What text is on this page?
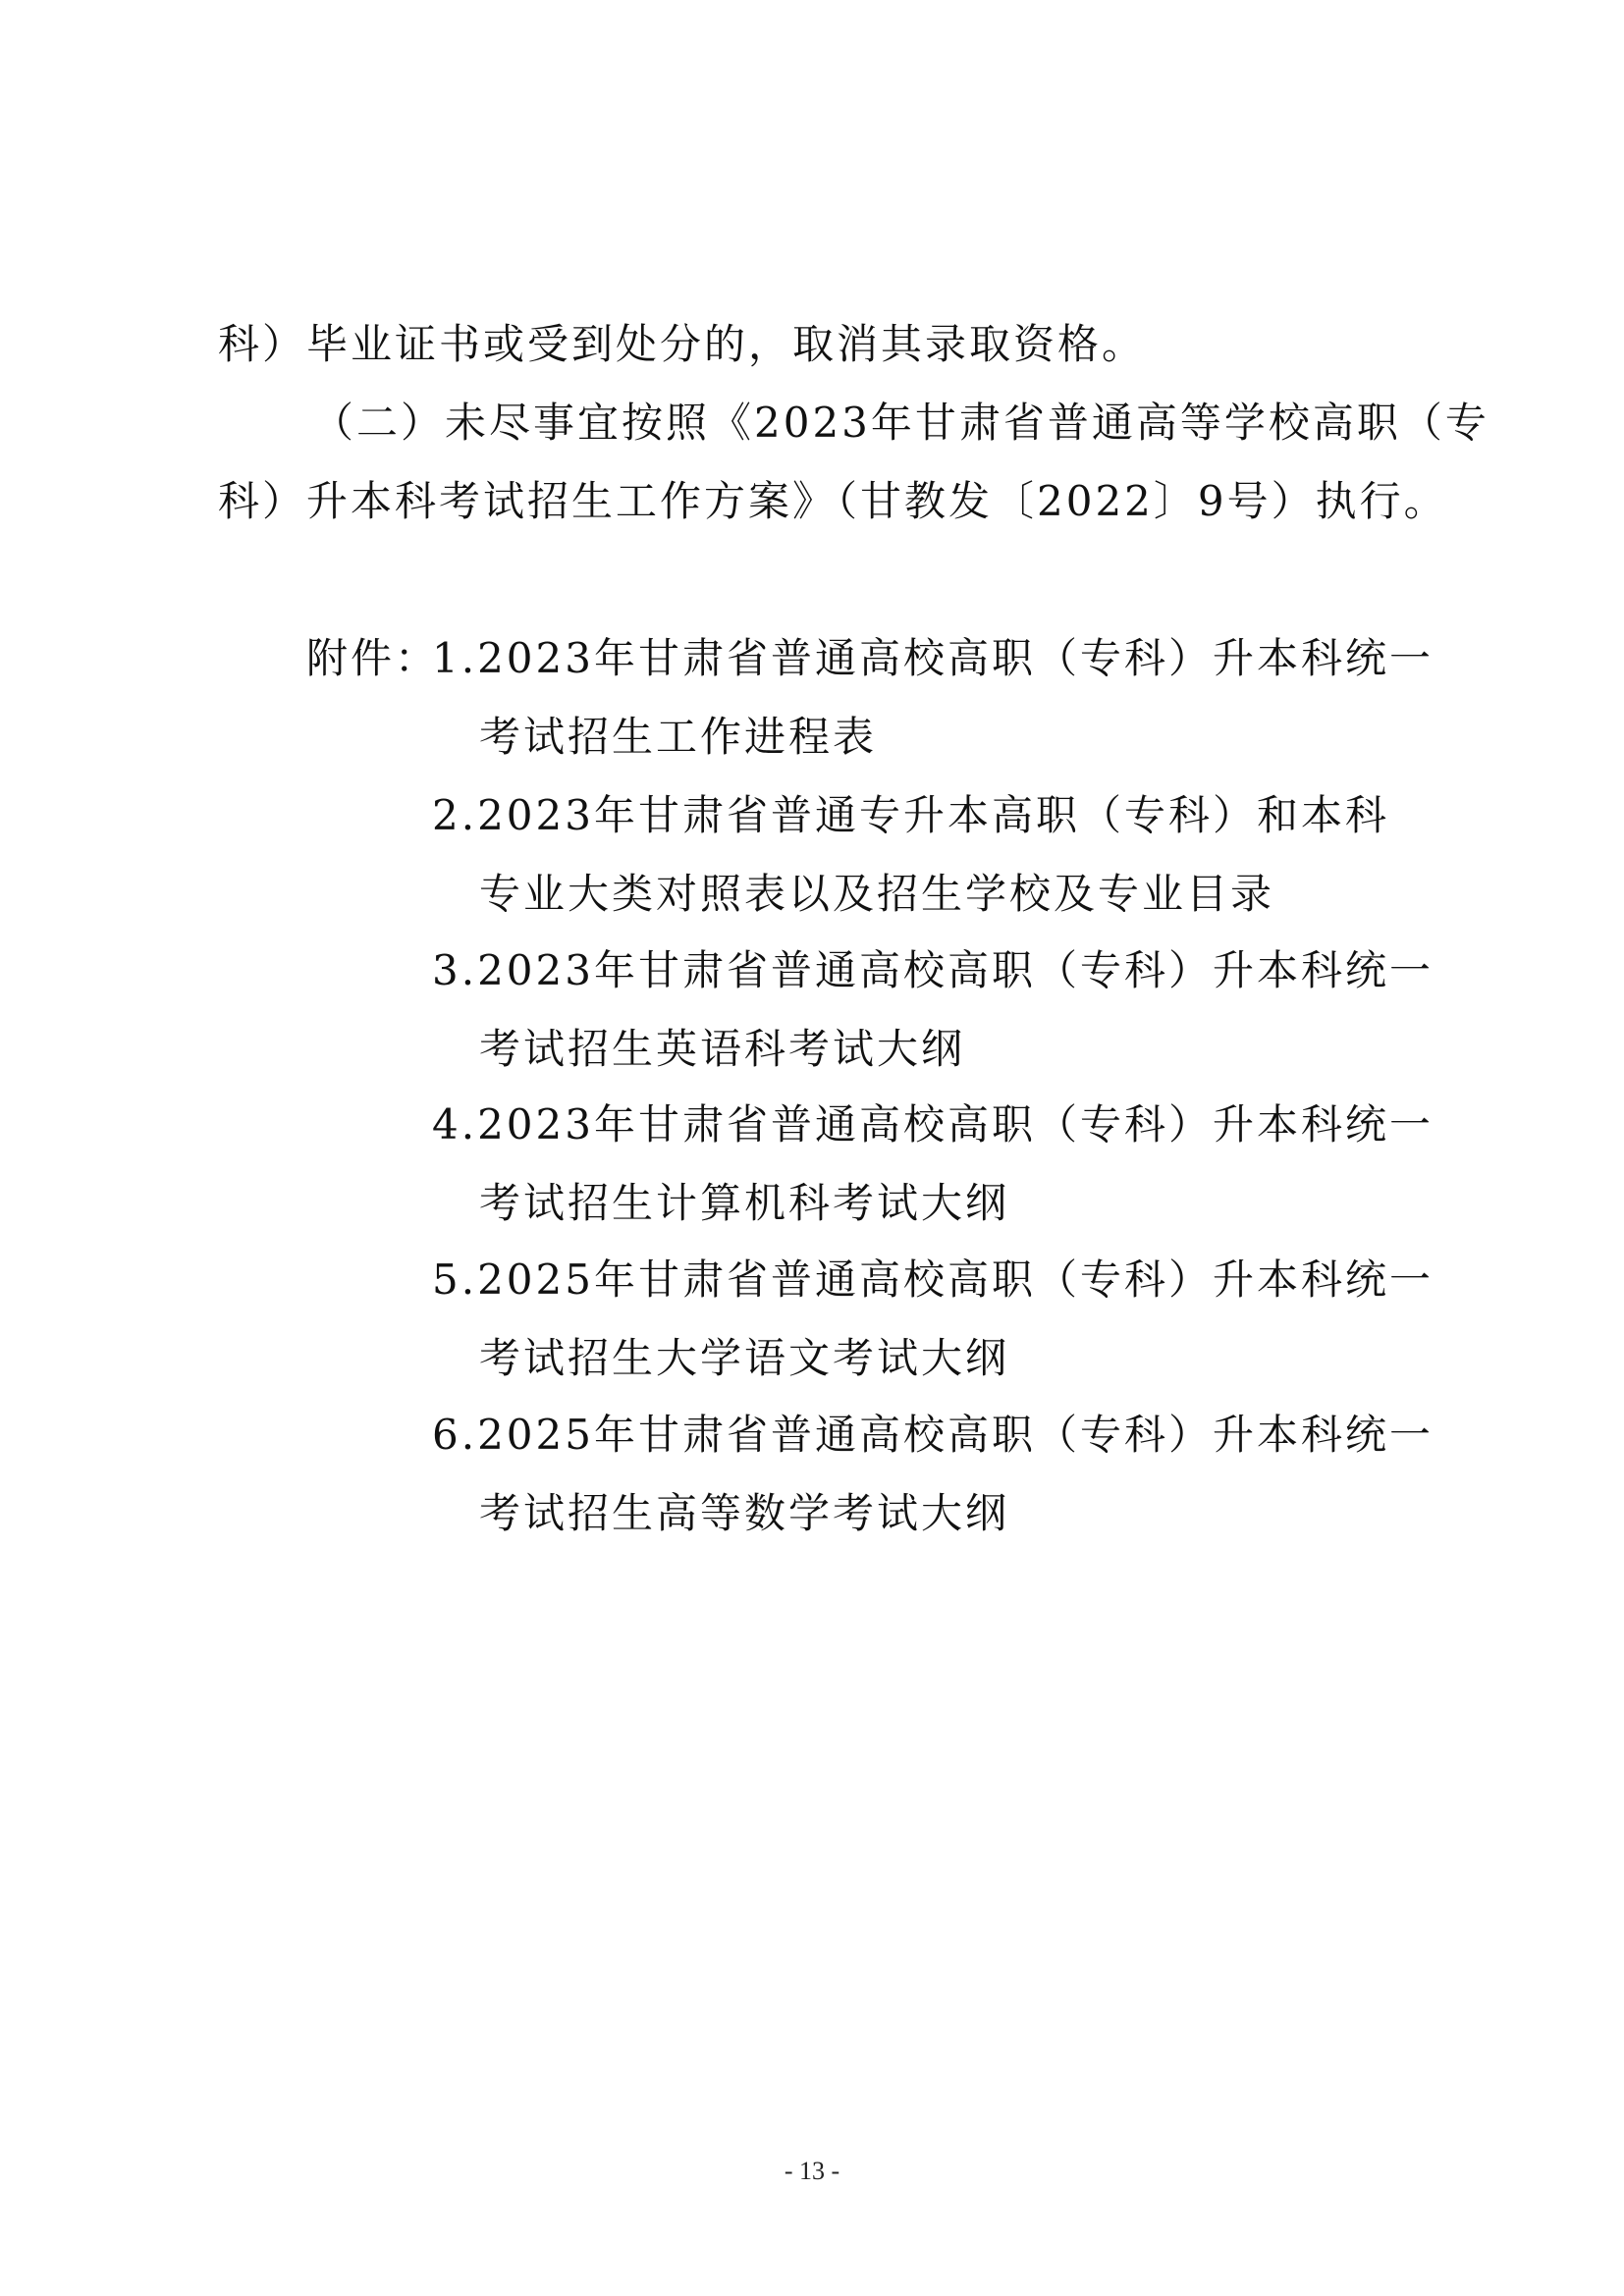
科）毕业证书或受到处分的，取消其录取资格。
（二）未尽事宜按照《2023年甘肃省普通高等学校高职（专
科）升本科考试招生工作方案》（甘教发〔2022〕9号）执行。
附件：
1.2023年甘肃省普通高校高职（专科）升本科统一
考试招生工作进程表
2.2023年甘肃省普通专升本高职（专科）和本科
专业大类对照表以及招生学校及专业目录
3.2023年甘肃省普通高校高职（专科）升本科统一
考试招生英语科考试大纲
4.2023年甘肃省普通高校高职（专科）升本科统一
考试招生计算机科考试大纲
5.2025年甘肃省普通高校高职（专科）升本科统一
考试招生大学语文考试大纲
6.2025年甘肃省普通高校高职（专科）升本科统一
考试招生高等数学考试大纲
- 13 -
